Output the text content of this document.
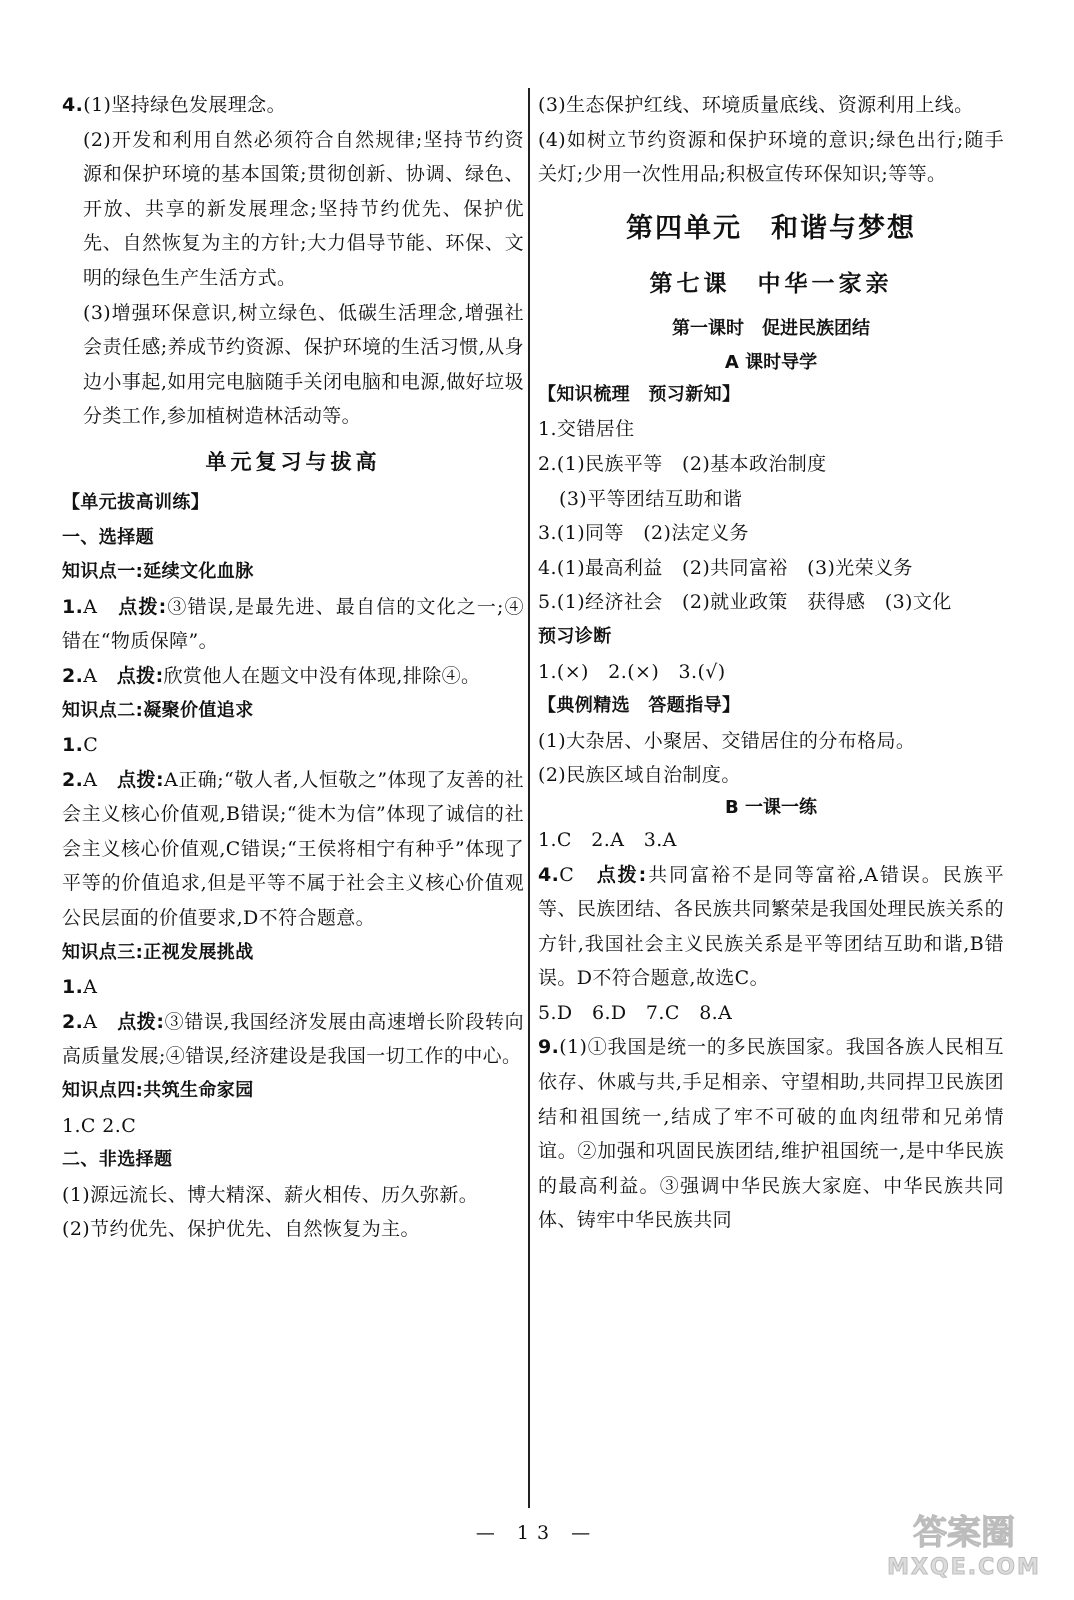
4.(1)坚持绿色发展理念。
(2)开发和利用自然必须符合自然规律;坚持节约资源和保护环境的基本国策;贯彻创新、协调、绿色、开放、共享的新发展理念;坚持节约优先、保护优先、自然恢复为主的方针;大力倡导节能、环保、文明的绿色生产生活方式。
(3)增强环保意识,树立绿色、低碳生活理念,增强社会责任感;养成节约资源、保护环境的生活习惯,从身边小事起,如用完电脑随手关闭电脑和电源,做好垃圾分类工作,参加植树造林活动等。
单元复习与拔高
【单元拔高训练】
一、选择题
知识点一:延续文化血脉
1.A　 点拨:③错误,是最先进、最自信的文化之一;④错在“物质保障”。
2.A　 点拨:欣赏他人在题文中没有体现,排除④。
知识点二:凝聚价值追求
1.C
2.A　 点拨:A正确;“敬人者,人恒敬之”体现了友善的社会主义核心价值观,B错误;“徙木为信”体现了诚信的社会主义核心价值观,C错误;“王侯将相宁有种乎”体现了平等的价值追求,但是平等不属于社会主义核心价值观公民层面的价值要求,D不符合题意。
知识点三:正视发展挑战
1.A
2.A　 点拨:③错误,我国经济发展由高速增长阶段转向高质量发展;④错误,经济建设是我国一切工作的中心。
知识点四:共筑生命家园
1.C 2.C
二、非选择题
(1)源远流长、博大精深、薪火相传、历久弥新。
(2)节约优先、保护优先、自然恢复为主。
(3)生态保护红线、环境质量底线、资源利用上线。
(4)如树立节约资源和保护环境的意识;绿色出行;随手关灯;少用一次性用品;积极宣传环保知识;等等。
第四单元　和谐与梦想
第七课　中华一家亲
第一课时　促进民族团结
A 课时导学
【知识梳理　预习新知】
1.交错居住
2.(1)民族平等　(2)基本政治制度
(3)平等团结互助和谐
3.(1)同等　(2)法定义务
4.(1)最高利益　(2)共同富裕　(3)光荣义务
5.(1)经济社会　(2)就业政策　获得感　(3)文化
预习诊断
1.(×)　2.(×)　3.(√)
【典例精选　答题指导】
(1)大杂居、小聚居、交错居住的分布格局。
(2)民族区域自治制度。
B 一课一练
1.C　2.A　3.A
4.C　 点拨:共同富裕不是同等富裕,A错误。民族平等、民族团结、各民族共同繁荣是我国处理民族关系的方针,我国社会主义民族关系是平等团结互助和谐,B错误。D不符合题意,故选C。
5.D　6.D　7.C　8.A
9.(1)①我国是统一的多民族国家。我国各族人民相互依存、休戚与共,手足相亲、守望相助,共同捍卫民族团结和祖国统一,结成了牢不可破的血肉纽带和兄弟情谊。②加强和巩固民族团结,维护祖国统一,是中华民族的最高利益。③强调中华民族大家庭、中华民族共同体、铸牢中华民族共同
— 13 —	答案圈
MXQE.COM
